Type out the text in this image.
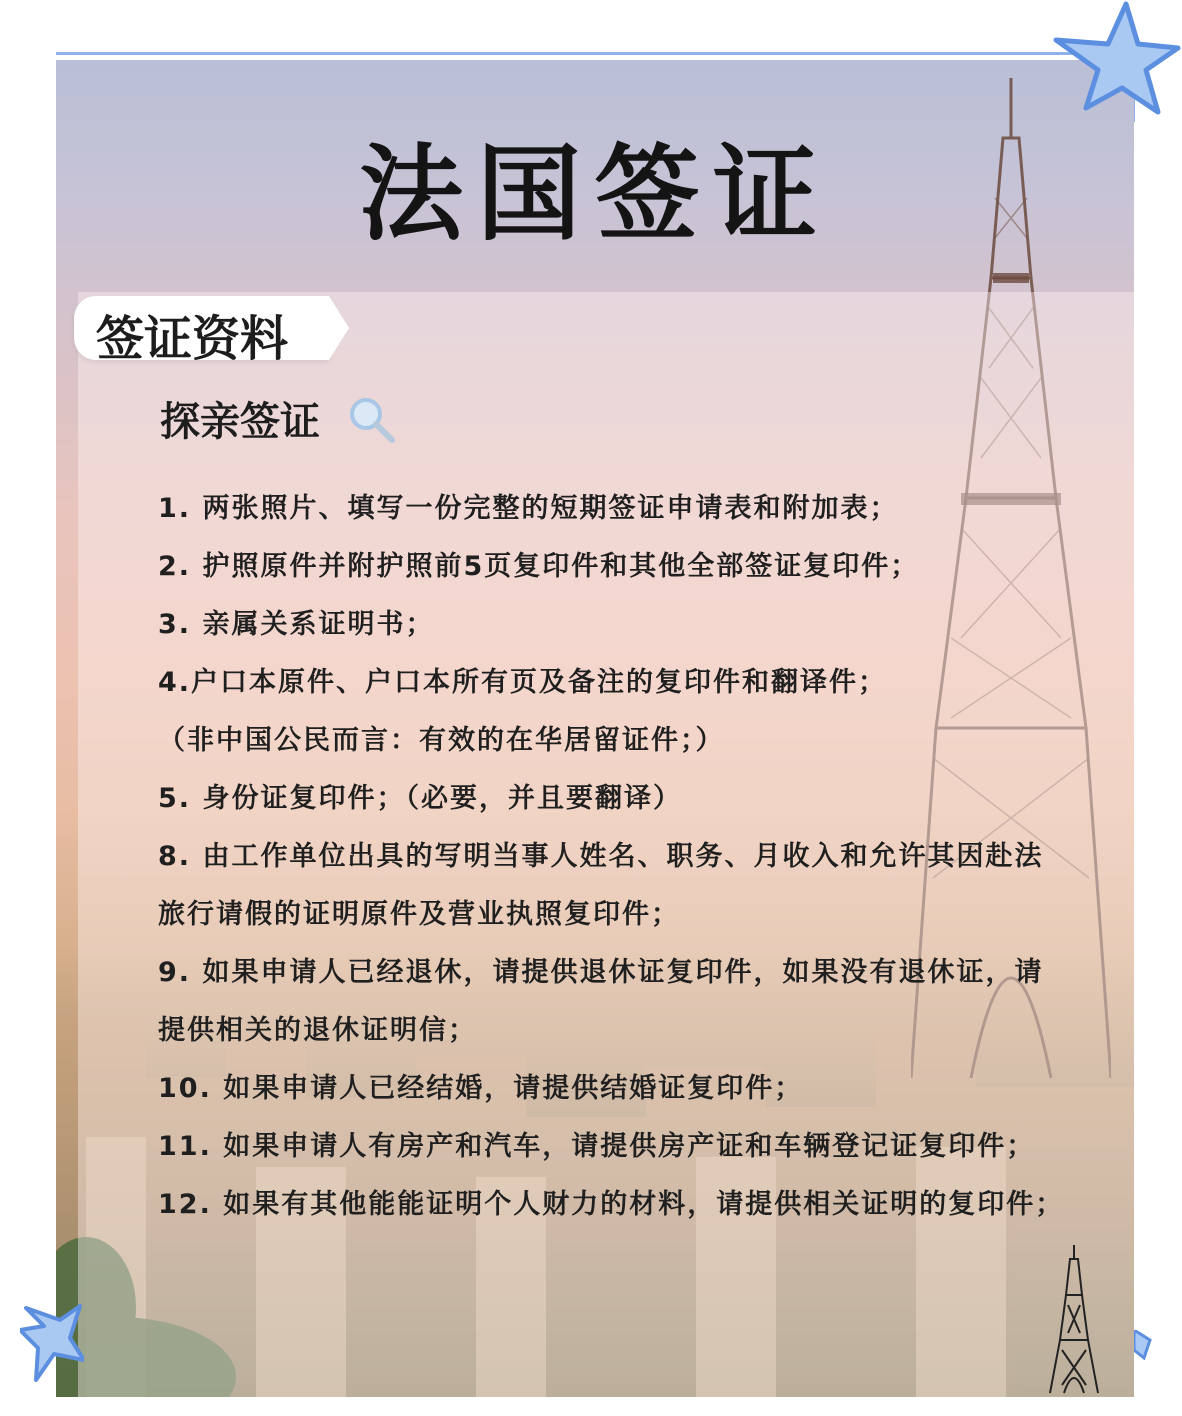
法国签证
签证资料
探亲签证
1. 两张照片、填写一份完整的短期签证申请表和附加表；
2. 护照原件并附护照前5页复印件和其他全部签证复印件；
3. 亲属关系证明书；
4.户口本原件、户口本所有页及备注的复印件和翻译件；
（非中国公民而言：有效的在华居留证件；）
5. 身份证复印件；（必要，并且要翻译）
8. 由工作单位出具的写明当事人姓名、职务、月收入和允许其因赴法旅行请假的证明原件及营业执照复印件；
9. 如果申请人已经退休，请提供退休证复印件，如果没有退休证，请提供相关的退休证明信；
10. 如果申请人已经结婚，请提供结婚证复印件；
11. 如果申请人有房产和汽车，请提供房产证和车辆登记证复印件；
12. 如果有其他能能证明个人财力的材料，请提供相关证明的复印件；
